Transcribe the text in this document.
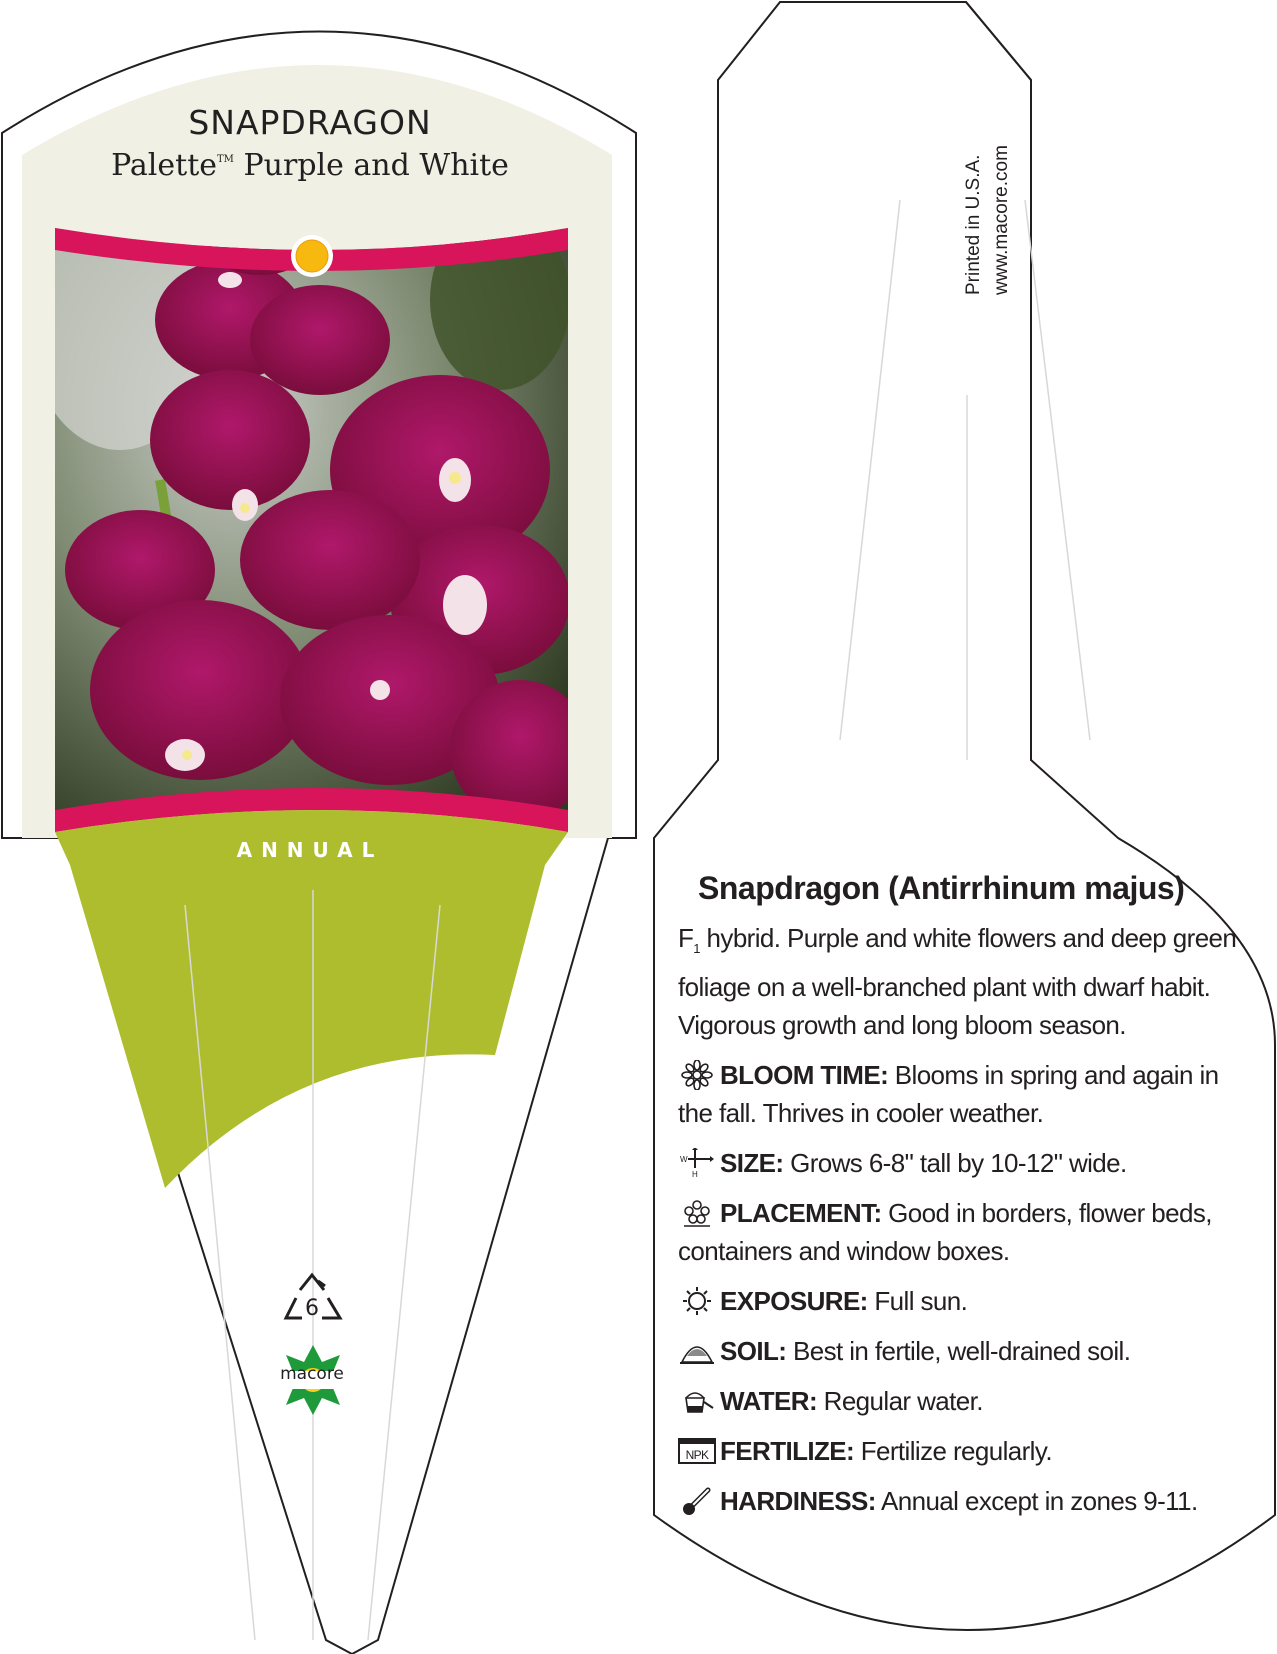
SNAPDRAGON
Palette™ Purple and White
ANNUAL
6
macore
Printed in U.S.A. www.macore.com
Snapdragon (Antirrhinum majus)

$F_1$ hybrid. Purple and white flowers and deep green foliage on a well-branched plant with dwarf habit. Vigorous growth and long bloom season.

BLOOM TIME: Blooms in spring and again in the fall. Thrives in cooler weather.

W
H SIZE: Grows 6-8" tall by 10-12" wide.

PLACEMENT: Good in borders, flower beds, containers and window boxes.

EXPOSURE: Full sun.

SOIL: Best in fertile, well-drained soil.

WATER: Regular water.

NPK FERTILIZE: Fertilize regularly.

HARDINESS: Annual except in zones 9-11.
